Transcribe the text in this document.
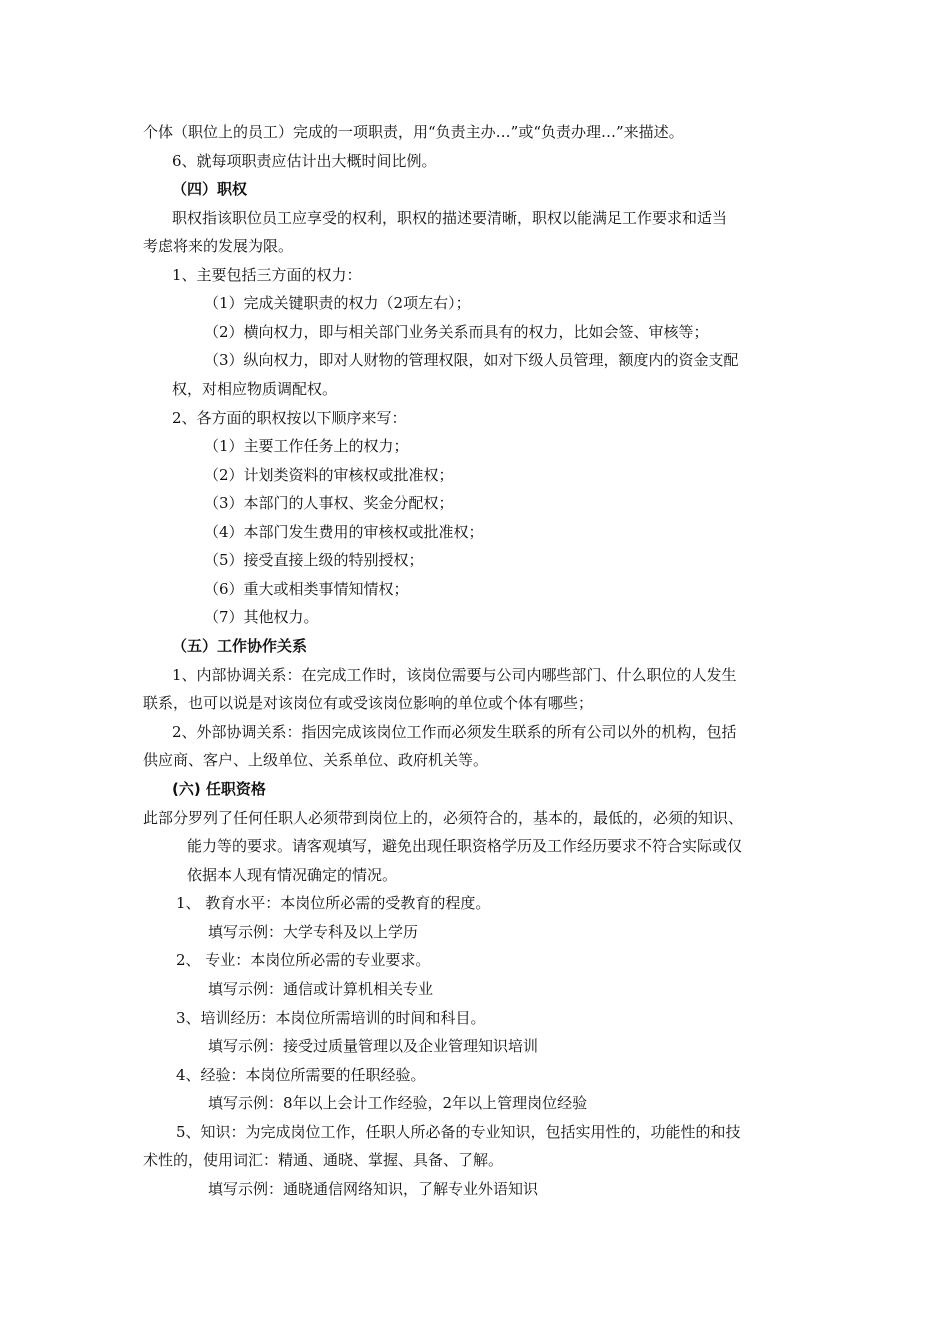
个体（职位上的员工）完成的一项职责，用“负责主办…”或“负责办理…”来描述。
6、就每项职责应估计出大概时间比例。
（四）职权
职权指该职位员工应享受的权利，职权的描述要清晰，职权以能满足工作要求和适当
考虑将来的发展为限。
1、主要包括三方面的权力：
（1）完成关键职责的权力（2项左右）；
（2）横向权力，即与相关部门业务关系而具有的权力，比如会签、审核等；
（3）纵向权力，即对人财物的管理权限，如对下级人员管理，额度内的资金支配
权，对相应物质调配权。
2、各方面的职权按以下顺序来写：
（1）主要工作任务上的权力；
（2）计划类资料的审核权或批准权；
（3）本部门的人事权、奖金分配权；
（4）本部门发生费用的审核权或批准权；
（5）接受直接上级的特别授权；
（6）重大或相类事情知情权；
（7）其他权力。
（五）工作协作关系
1、内部协调关系：在完成工作时，该岗位需要与公司内哪些部门、什么职位的人发生
联系，也可以说是对该岗位有或受该岗位影响的单位或个体有哪些；
2、外部协调关系：指因完成该岗位工作而必须发生联系的所有公司以外的机构，包括
供应商、客户、上级单位、关系单位、政府机关等。
(六) 任职资格
此部分罗列了任何任职人必须带到岗位上的，必须符合的，基本的，最低的，必须的知识、
能力等的要求。请客观填写，避免出现任职资格学历及工作经历要求不符合实际或仅
依据本人现有情况确定的情况。
1、 教育水平：本岗位所必需的受教育的程度。
填写示例：大学专科及以上学历
2、 专业：本岗位所必需的专业要求。
填写示例：通信或计算机相关专业
3、培训经历：本岗位所需培训的时间和科目。
填写示例：接受过质量管理以及企业管理知识培训
4、经验：本岗位所需要的任职经验。
填写示例：8年以上会计工作经验，2年以上管理岗位经验
5、知识：为完成岗位工作，任职人所必备的专业知识，包括实用性的，功能性的和技
术性的，使用词汇：精通、通晓、掌握、具备、了解。
填写示例：通晓通信网络知识，了解专业外语知识
